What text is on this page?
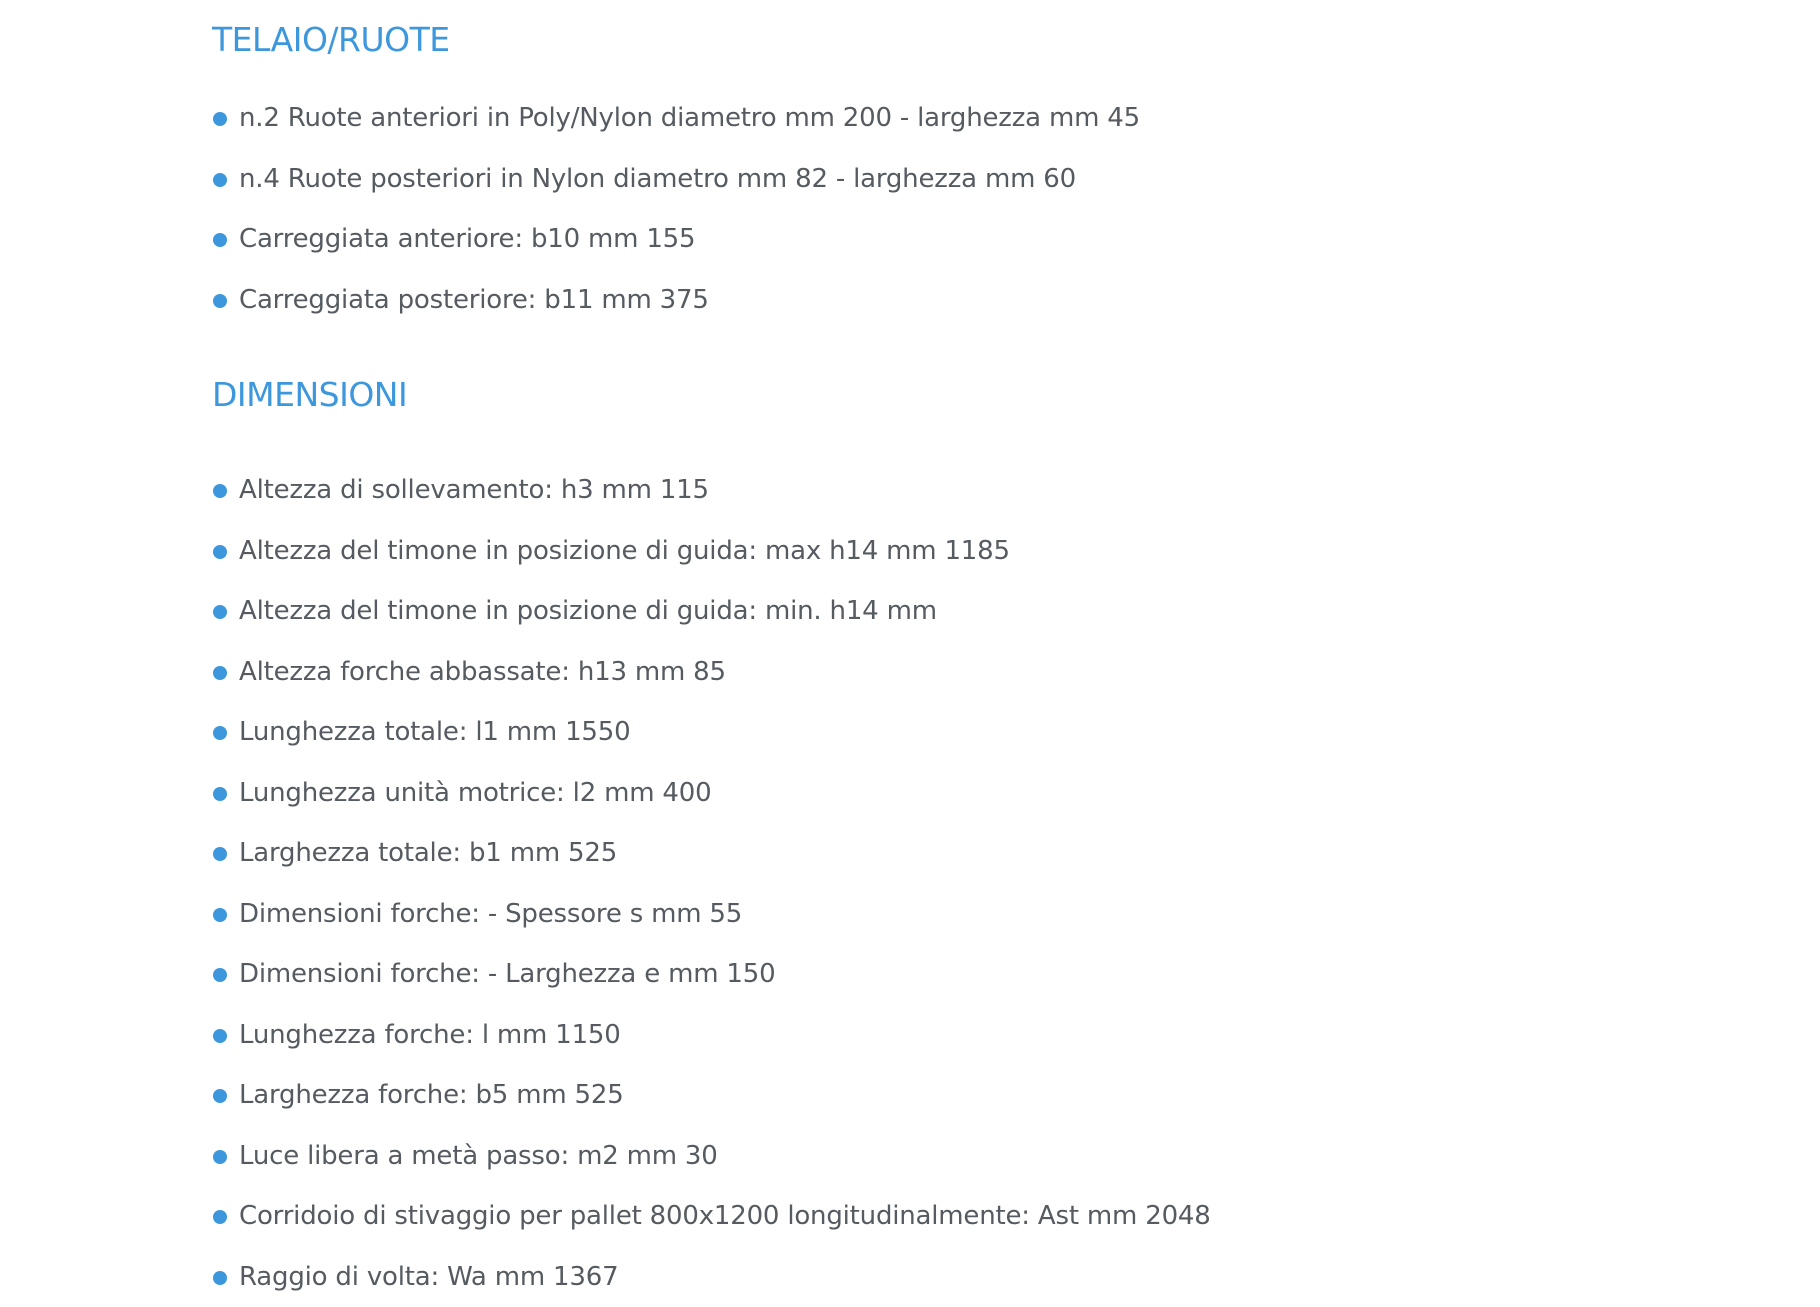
TELAIO/RUOTE
n.2 Ruote anteriori in Poly/Nylon diametro mm 200 - larghezza mm 45
n.4 Ruote posteriori in Nylon diametro mm 82 - larghezza mm 60
Carreggiata anteriore: b10 mm 155
Carreggiata posteriore: b11 mm 375
DIMENSIONI
Altezza di sollevamento: h3 mm 115
Altezza del timone in posizione di guida: max h14 mm 1185
Altezza del timone in posizione di guida: min. h14 mm
Altezza forche abbassate: h13 mm 85
Lunghezza totale: l1 mm 1550
Lunghezza unità motrice: l2 mm 400
Larghezza totale: b1 mm 525
Dimensioni forche: - Spessore s mm 55
Dimensioni forche: - Larghezza e mm 150
Lunghezza forche: l mm 1150
Larghezza forche: b5 mm 525
Luce libera a metà passo: m2 mm 30
Corridoio di stivaggio per pallet 800x1200 longitudinalmente: Ast mm 2048
Raggio di volta: Wa mm 1367
